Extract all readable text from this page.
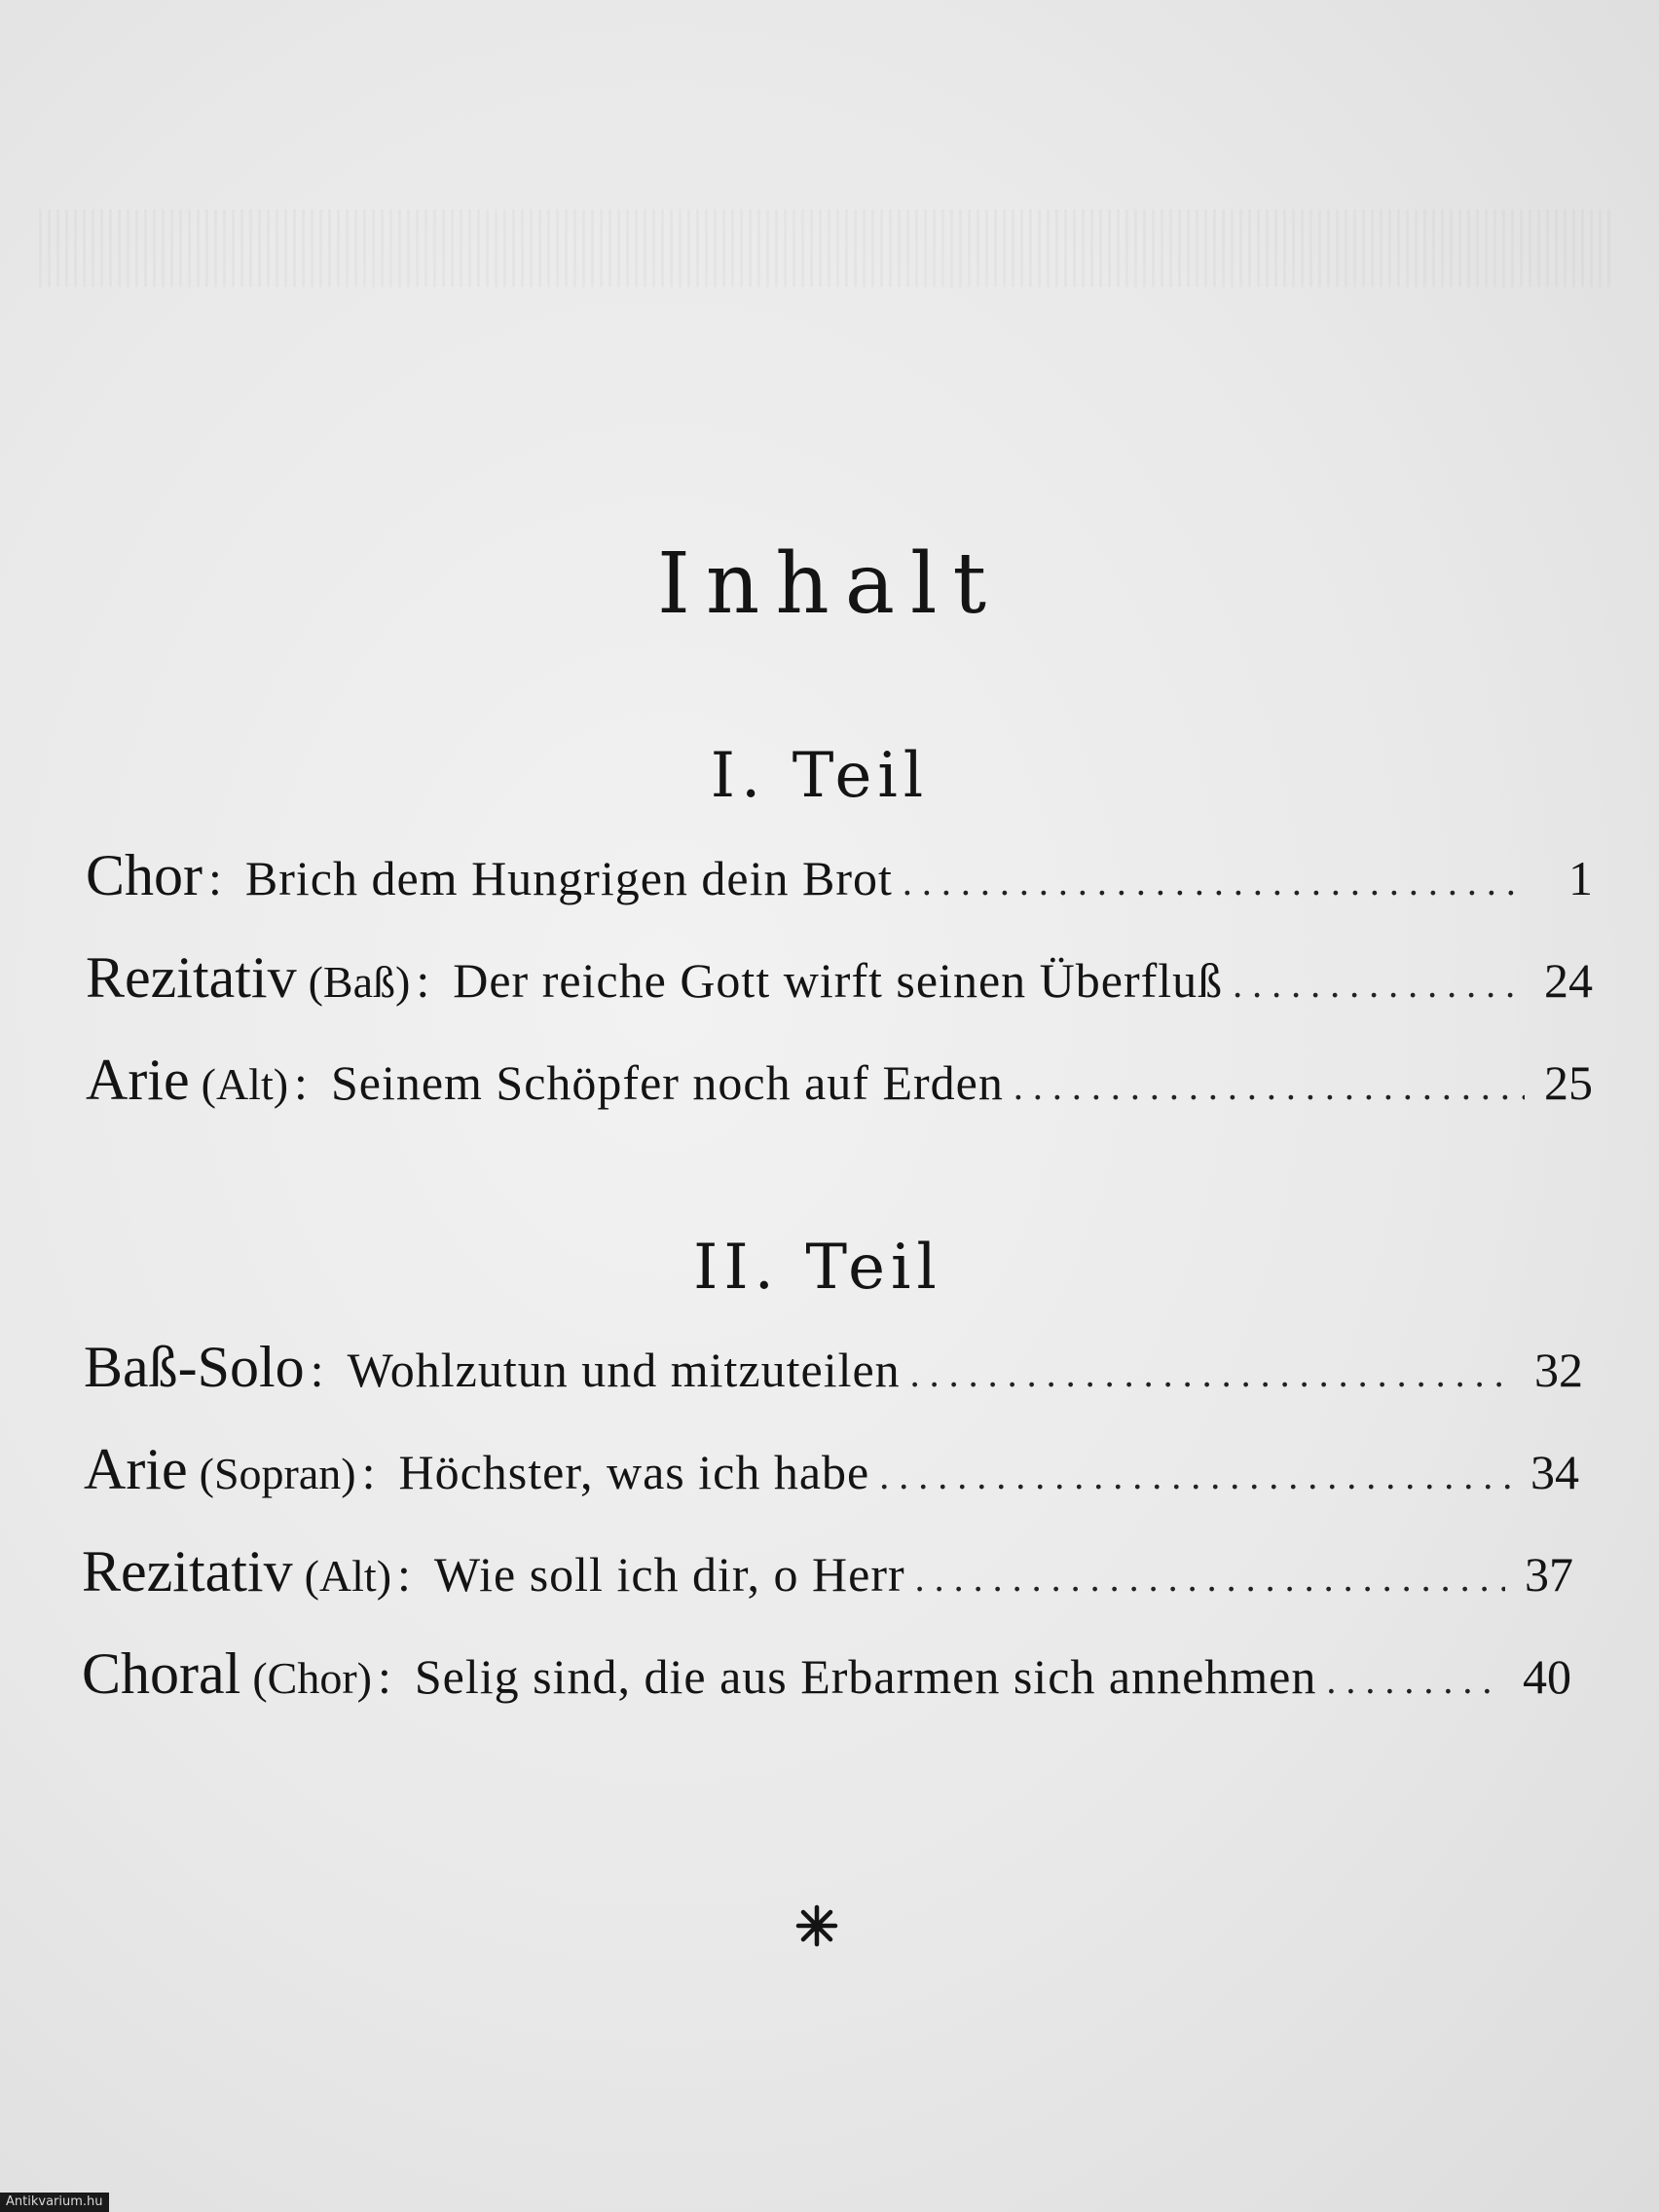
Inhalt
I. Teil
II. Teil
Chor : Brich dem Hungrigen dein Brot . . .	1
Rezitativ (Baß) : Der reiche Gott wirft seinen Überfluß . . .	24
Arie (Alt) : Seinem Schöpfer noch auf Erden . . .	25
Baß-Solo : Wohlzutun und mitzuteilen . . .	32
Arie (Sopran) : Höchster, was ich habe . . .	34
Rezitativ (Alt) : Wie soll ich dir, o Herr . . .	37
Choral (Chor) : Selig sind, die aus Erbarmen sich annehmen . . .	40
Antikvarium.hu
